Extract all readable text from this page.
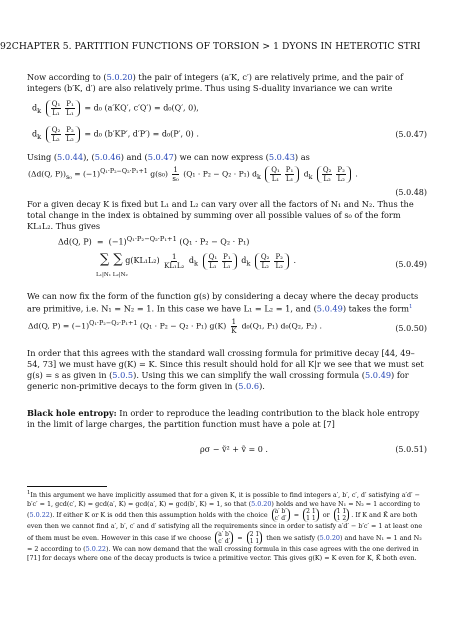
92CHAPTER 5. PARTITION FUNCTIONS OF TORSION > 1 DYONS IN HETEROTIC STRI
Now according to (5.0.20) the pair of integers (a′K, c′) are relatively prime, and the pair of integers (b′K, d′) are also relatively prime. Thus using S-duality invariance we can write
$d_k \frac{\text{Q₁}}{\text{L₁}} \frac{\text{P₁}}{\text{L₁}} = d_0$ (a′KQ′, c′Q′) = d₀(Q′, 0),
$d_k \frac{\text{Q₂}}{\text{L₂}} \frac{\text{P₂}}{\text{L₂}} = d_0$ (b′KP′, d′P′) = d₀(P′, 0) .	(5.0.47)
Using (5.0.44), (5.0.46) and (5.0.47) we can now express (5.0.43) as
(Δd(Q, $P))_{s_0} = (-1)^{Q_1\cdot P_2-Q_2\cdot P_1+1}$ $g(s_0) \frac{1}{\text{s₀}} (Q_1 \cdot P_2 - Q_2 \cdot P_1)$ $d_k \frac{\text{Q₁}}{\text{L₁}} \frac{\text{P₁}}{\text{L₁}} d_k \frac{\text{Q₂}}{\text{L₂}} \frac{\text{P₂}}{\text{L₂}}$ .
(5.0.48)
For a given decay K is fixed but L₁ and L₂ can vary over all the factors of N₁ and N₂. Thus the total change in the index is obtained by summing over all possible values of s₀ of the form KL₁L₂. Thus gives
Δd(Q, $P) = (-1)^{Q_1\cdot P_2-Q_2\cdot P_1+1}$ (Q₁ · P₂ − Q₂ · P₁)
∑ ∑ $g(KL_1L_2) \frac{1}{\text{KL₁L₂}} d_k \frac{\text{Q₁}}{\text{L₁}} \frac{\text{P₁}}{\text{L₁}} d_k \frac{\text{Q₂}}{\text{L₂}} \frac{\text{P₂}}{\text{L₂}}$ .
L₁|N₁ L₂|N₂
(5.0.49)
We can now fix the form of the function g(s) by considering a decay where the decay products are primitive, i.e. N₁ = N₂ = 1. In this case we have L₁ = L₂ = 1, and (5.0.49) takes the form$^1$
Δd(Q, $P) = (-1)^{Q_1\cdot P_2-Q_2\cdot P_1+1}$ (Q₁ · P₂ − Q₂ · P₁) $g(K) \frac{1}{K} d_0(Q_1$, P₁) d₀(Q₂, P₂) .	(5.0.50)
In order that this agrees with the standard wall crossing formula for primitive decay [44, 49–54, 73] we must have g(K) = K. Since this result should hold for all K|r we see that we must set g(s) = s as given in (5.0.5). Using this we can simplify the wall crossing formula (5.0.49) for generic non-primitive decays to the form given in (5.0.6).
Black hole entropy: In order to reproduce the leading contribution to the black hole entropy in the limit of large charges, the partition function must have a pole at [7]
ρσ − ṽ² + ṽ = 0 .	(5.0.51)
$^1$In this argument we have implicitly assumed that for a given K, it is possible to find integers a′, b′, c′, d′ satisfying a′d′ − b′c′ = 1, gcd(c′, K) = gcd(a′, K) = gcd(a′, K) = gcd(b′, K) = 1, so that (5.0.20) holds and we have N₁ = N₂ = 1 according to (5.0.22). If either K or K is odd then this assumption holds with the choice a′ b′
c′ d′ = 2 1
1 1 or 1 1
1 2 . If K and K̄ are both even then we cannot find a′, b′, c′ and d′ satisfying all the requirements since in order to satisfy a′d′ − b′c′ = 1 at least one of them must be even. However in this case if we choose a′ b′
c′ d′ = 2 1
1 1 then we satisfy (5.0.20) and have N₁ = 1 and N₂ = 2 according to (5.0.22). We can now demand that the wall crossing formula in this case agrees with the one derived in [71] for decays where one of the decay products is twice a primitive vector. This gives g(K) = K even for K, K̄ both even.
